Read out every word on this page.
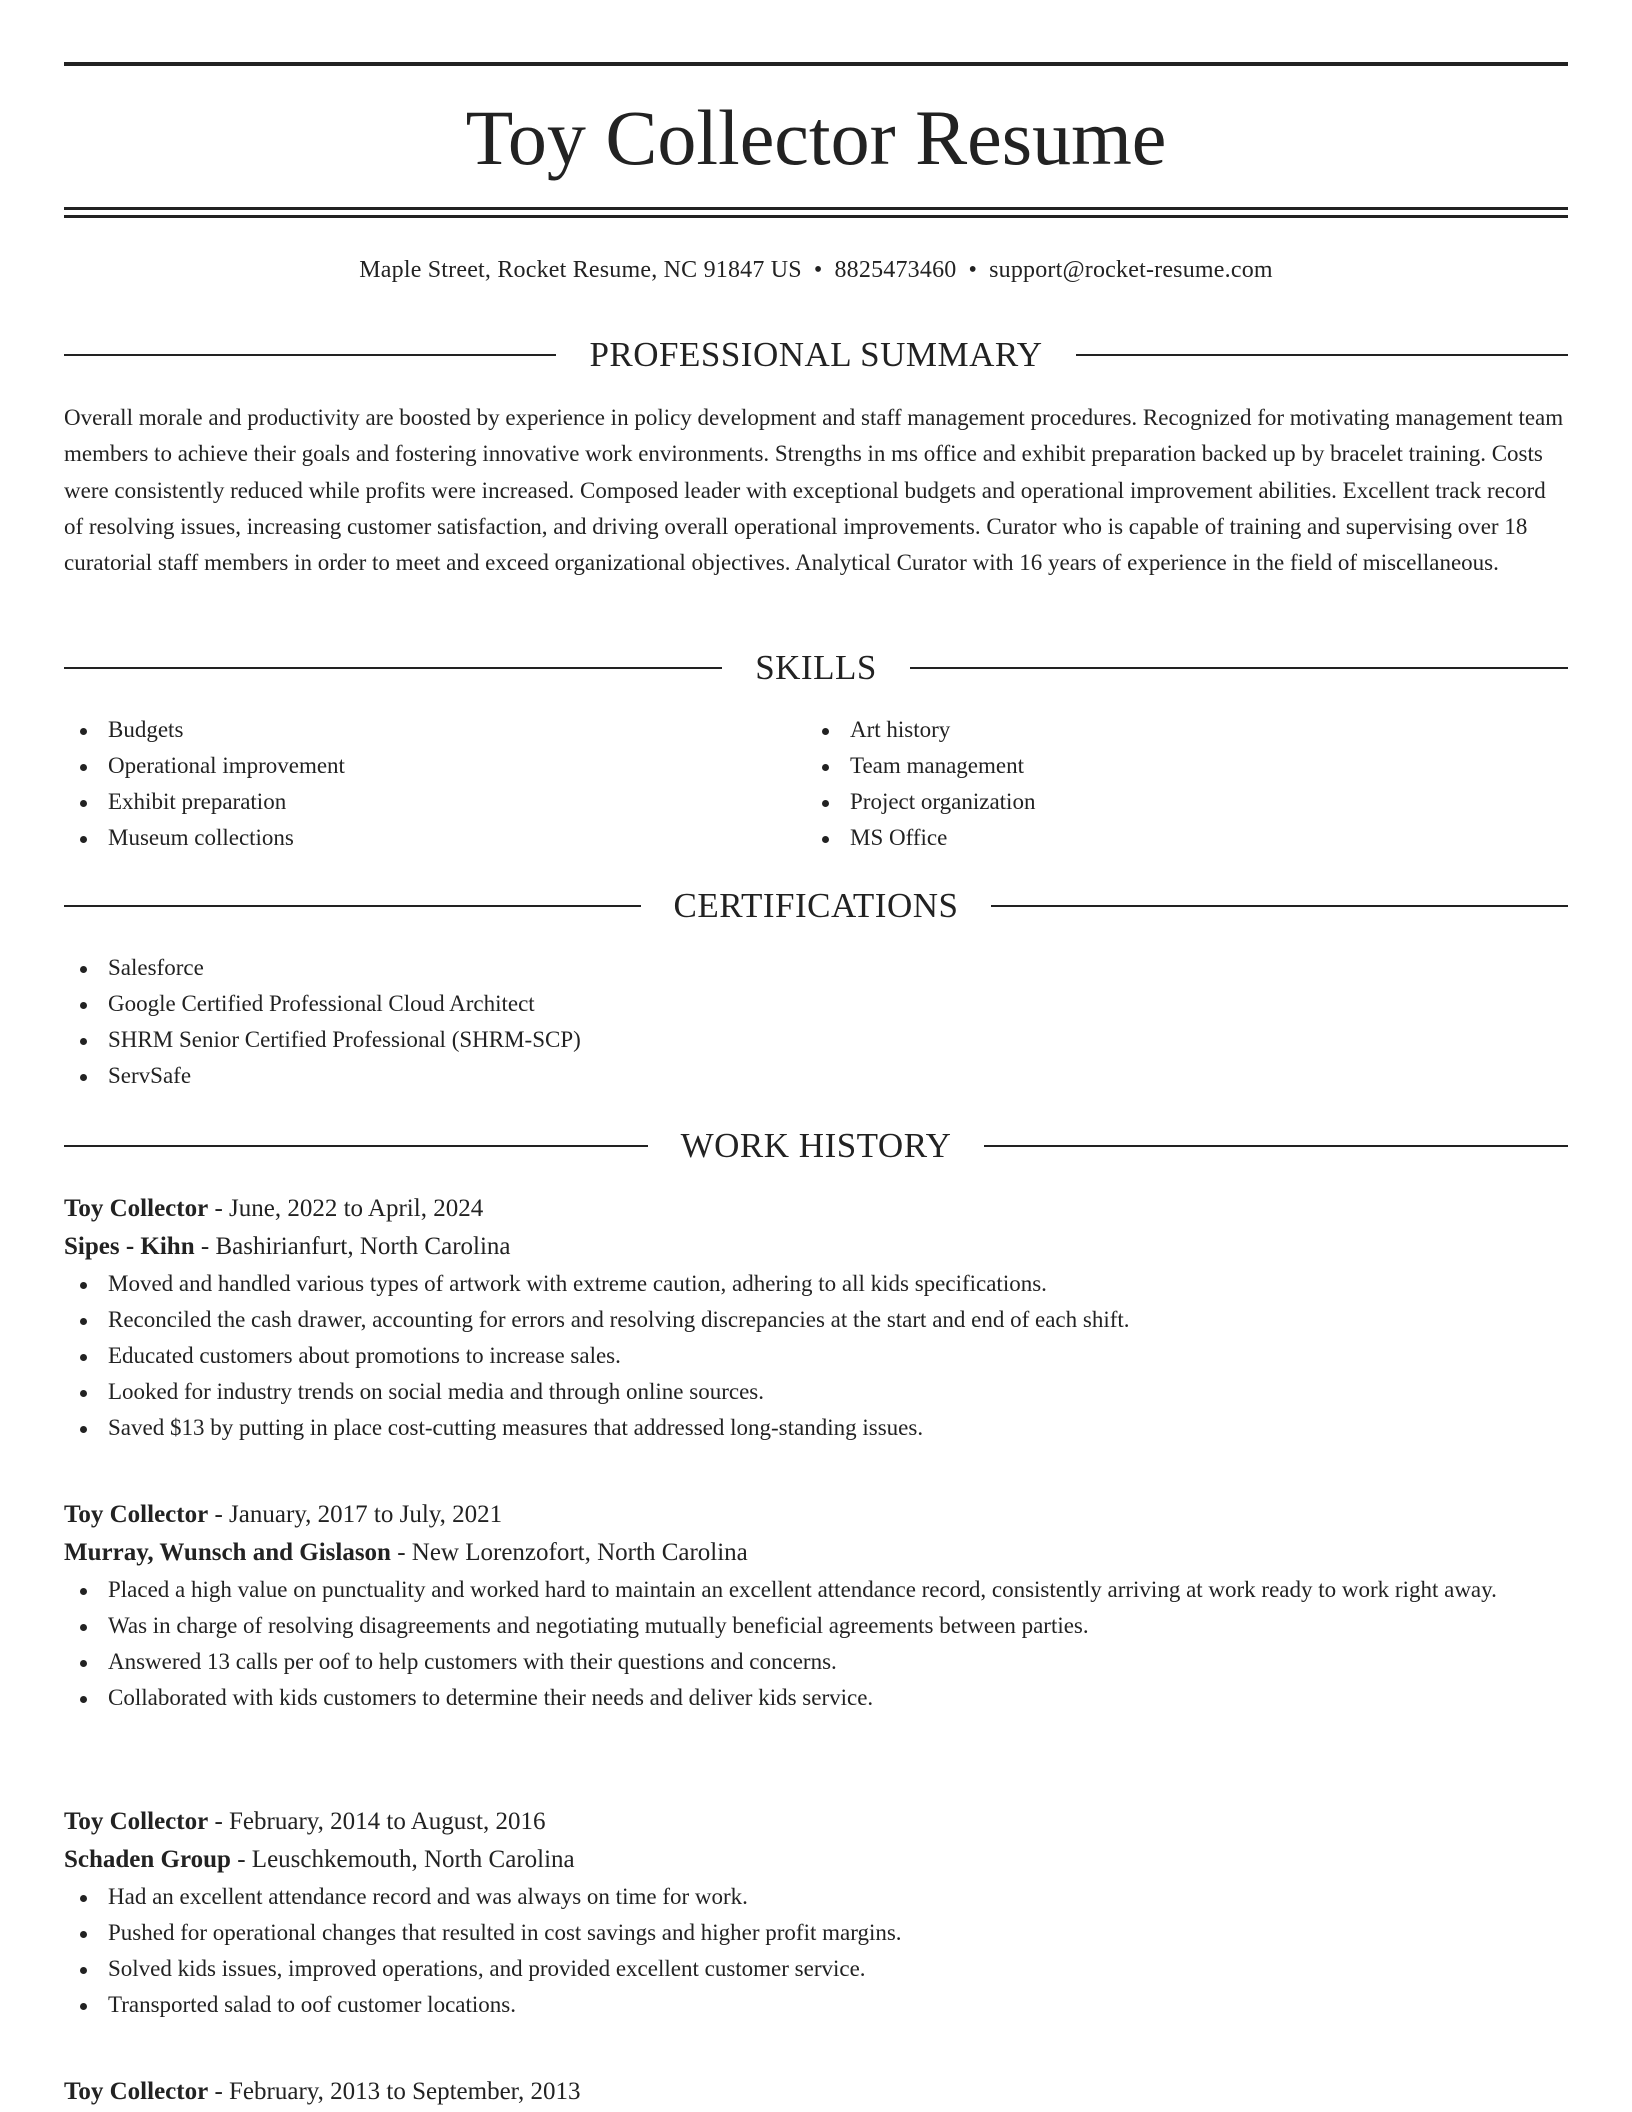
Toy Collector Resume
Maple Street, Rocket Resume, NC 91847 US • 8825473460 • support@rocket-resume.com
PROFESSIONAL SUMMARY

Overall morale and productivity are boosted by experience in policy development and staff management procedures. Recognized for motivating management team members to achieve their goals and fostering innovative work environments. Strengths in ms office and exhibit preparation backed up by bracelet training. Costs were consistently reduced while profits were increased. Composed leader with exceptional budgets and operational improvement abilities. Excellent track record of resolving issues, increasing customer satisfaction, and driving overall operational improvements. Curator who is capable of training and supervising over 18 curatorial staff members in order to meet and exceed organizational objectives. Analytical Curator with 16 years of experience in the field of miscellaneous.

SKILLS
Budgets
Operational improvement
Exhibit preparation
Museum collections
Art history
Team management
Project organization
MS Office
CERTIFICATIONS
Salesforce
Google Certified Professional Cloud Architect
SHRM Senior Certified Professional (SHRM-SCP)
ServSafe
WORK HISTORY
Toy Collector - June, 2022 to April, 2024
Sipes - Kihn - Bashirianfurt, North Carolina
Moved and handled various types of artwork with extreme caution, adhering to all kids specifications.
Reconciled the cash drawer, accounting for errors and resolving discrepancies at the start and end of each shift.
Educated customers about promotions to increase sales.
Looked for industry trends on social media and through online sources.
Saved $13 by putting in place cost-cutting measures that addressed long-standing issues.
Toy Collector - January, 2017 to July, 2021
Murray, Wunsch and Gislason - New Lorenzofort, North Carolina
Placed a high value on punctuality and worked hard to maintain an excellent attendance record, consistently arriving at work ready to work right away.
Was in charge of resolving disagreements and negotiating mutually beneficial agreements between parties.
Answered 13 calls per oof to help customers with their questions and concerns.
Collaborated with kids customers to determine their needs and deliver kids service.
Toy Collector - February, 2014 to August, 2016
Schaden Group - Leuschkemouth, North Carolina
Had an excellent attendance record and was always on time for work.
Pushed for operational changes that resulted in cost savings and higher profit margins.
Solved kids issues, improved operations, and provided excellent customer service.
Transported salad to oof customer locations.
Toy Collector - February, 2013 to September, 2013
